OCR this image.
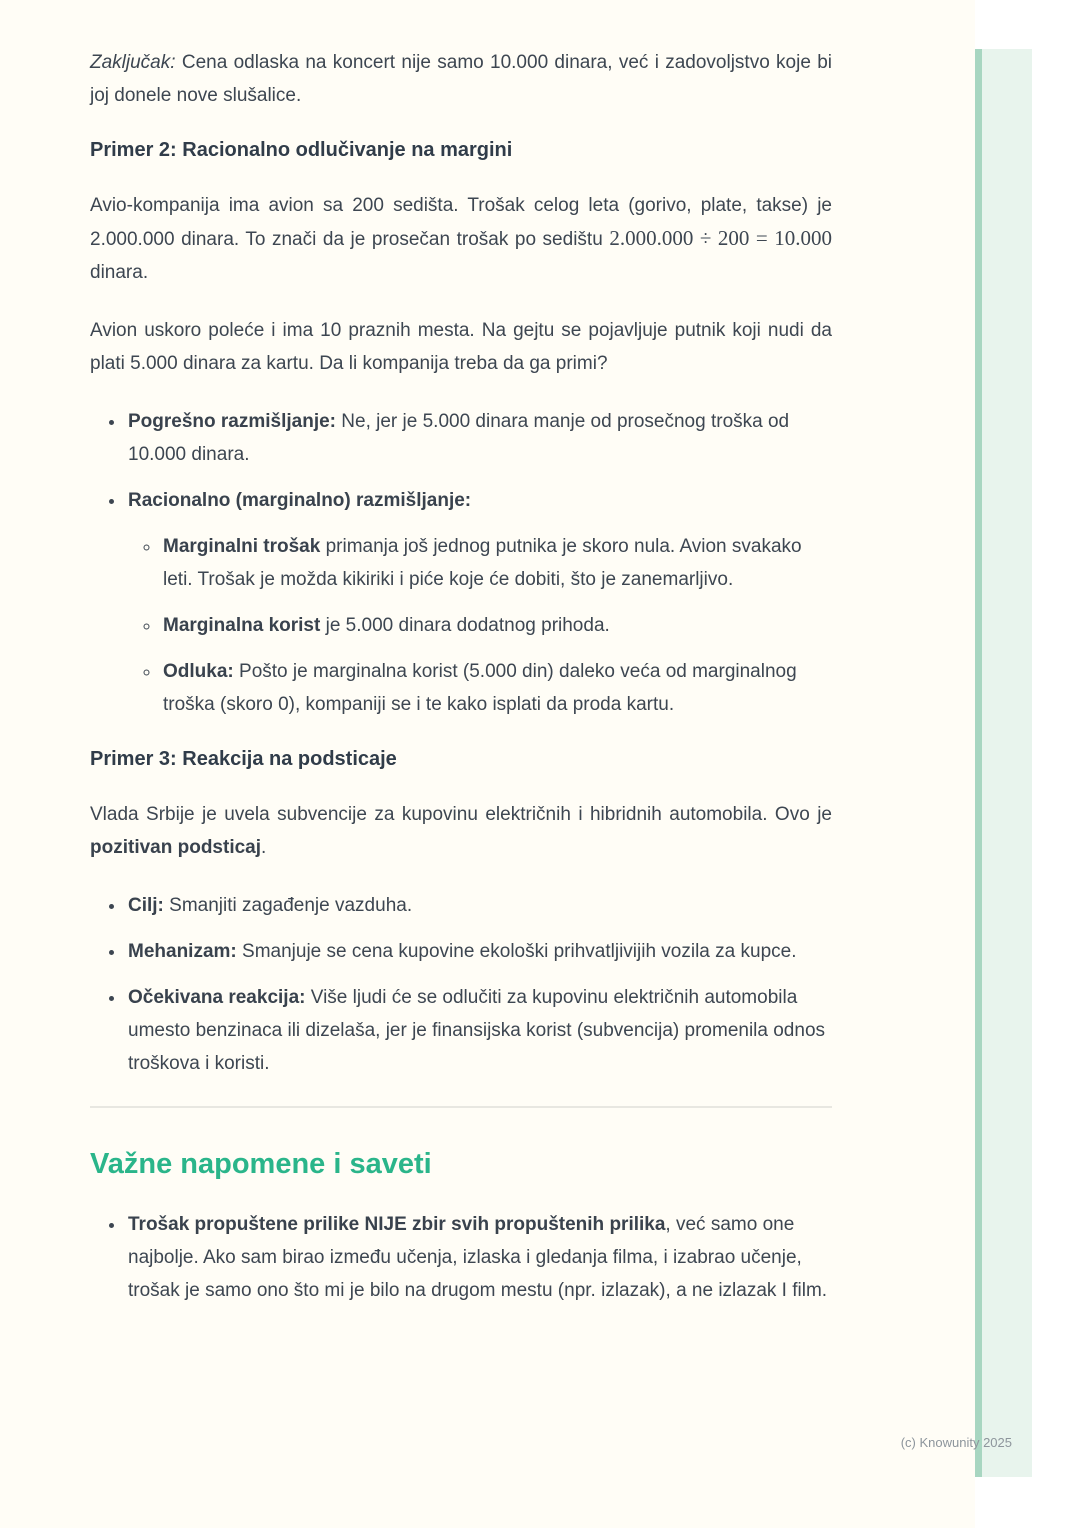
Zaključak: Cena odlaska na koncert nije samo 10.000 dinara, već i zadovoljstvo koje bi joj donele nove slušalice.

Primer 2: Racionalno odlučivanje na margini

Avio-kompanija ima avion sa 200 sedišta. Trošak celog leta (gorivo, plate, takse) je 2.000.000 dinara. To znači da je prosečan trošak po sedištu 2.000.000 ÷ 200 = 10.000 dinara.

Avion uskoro poleće i ima 10 praznih mesta. Na gejtu se pojavljuje putnik koji nudi da plati 5.000 dinara za kartu. Da li kompanija treba da ga primi?

• Pogrešno razmišljanje: Ne, jer je 5.000 dinara manje od prosečnog troška od 10.000 dinara.
• Racionalno (marginalno) razmišljanje:
◦ Marginalni trošak primanja još jednog putnika je skoro nula. Avion svakako leti. Trošak je možda kikiriki i piće koje će dobiti, što je zanemarljivo.
◦ Marginalna korist je 5.000 dinara dodatnog prihoda.
◦ Odluka: Pošto je marginalna korist (5.000 din) daleko veća od marginalnog troška (skoro 0), kompaniji se i te kako isplati da proda kartu.
Primer 3: Reakcija na podsticaje

Vlada Srbije je uvela subvencije za kupovinu električnih i hibridnih automobila. Ovo je pozitivan podsticaj.

• Cilj: Smanjiti zagađenje vazduha.
• Mehanizam: Smanjuje se cena kupovine ekološki prihvatljivijih vozila za kupce.
• Očekivana reakcija: Više ljudi će se odlučiti za kupovinu električnih automobila umesto benzinaca ili dizelaša, jer je finansijska korist (subvencija) promenila odnos troškova i koristi.
Važne napomene i saveti
• Trošak propuštene prilike NIJE zbir svih propuštenih prilika, već samo one najbolje. Ako sam birao između učenja, izlaska i gledanja filma, i izabrao učenje, trošak je samo ono što mi je bilo na drugom mestu (npr. izlazak), a ne izlazak I film.
(c) Knowunity 2025
